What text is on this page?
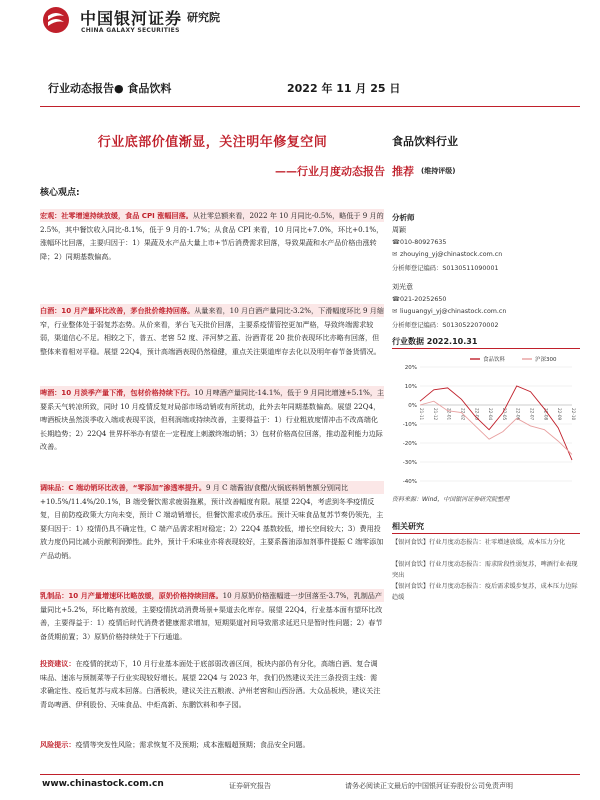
中国银河证券
CHINA GALAXY SECURITIES
研究院
行业动态报告● 食品饮料	2022 年 11 月 25 日
行业底部价值渐显，关注明年修复空间
——行业月度动态报告
核心观点:
宏观：社零增速持续放缓，食品 CPI 涨幅回落。从社零总额来看，2022 年 10 月同比-0.5%，略低于 9 月的 2.5%，其中餐饮收入同比-8.1%，低于 9 月的-1.7%；从食品 CPI 来看，10 月同比+7.0%，环比+0.1%，涨幅环比回落，主要归因于：1）果蔬及水产品大量上市+节后消费需求回落，导致果蔬和水产品价格由涨转降；2）同期基数偏高。
白酒：10 月产量环比改善，茅台批价维持回落。从量来看，10 月白酒产量同比-3.2%，下滑幅度环比 9 月缩窄，行业整体处于弱复苏态势。从价来看，茅台飞天批价回落，主要系疫情管控更加严格，导致终端需求较弱，渠道信心不足。相较之下，普五、老窖 52 度、洋河梦之蓝、汾酒青花 20 批价表现环比亦略有回落，但整体来看相对平稳。展望 22Q4，预计高端酒表现仍然稳健，重点关注渠道库存去化以及明年春节备货情况。
啤酒：10 月淡季产量下滑，包材价格持续下行。10 月啤酒产量同比-14.1%，低于 9 月同比增速+5.1%，主要系天气转凉所致，同时 10 月疫情反复对局部市场动销或有所扰动，此外去年同期基数偏高。展望 22Q4，啤酒板块虽然淡季收入端或表现平淡，但利润端或持续改善，主要得益于：1）行业粗放度情冲击不改高端化长期趋势；2）22Q4 世界杯举办有望在一定程度上刺激终端动销；3）包材价格高位回落，推动盈利能力边际改善。
调味品：C 端动销环比改善，“零添加”渗透率提升。9 月 C 端酱油/食醋/火锅底料销售额分别同比+10.5%/11.4%/20.1%，B 端受餐饮需求疲弱拖累，预计改善幅度有限。展望 22Q4，考虑到冬季疫情反复，目前防疫政策大方向未变，预计 C 端动销增长，但餐饮需求或仍承压。预计天味食品复苏节奏仍领先，主要归因于：1）疫情仍具不确定性，C 端产品需求相对稳定；2）22Q4 基数较低，增长空间较大；3）费用投放力度仍同比减小贡献利润弹性。此外，预计千禾味业亦将表现较好，主要系酱油添加剂事件提振 C 端零添加产品动销。
乳制品：10 月产量增速环比略放缓，原奶价格持续回落。10 月原奶价格涨幅进一步回落至-3.7%，乳制品产量同比+5.2%，环比略有放缓，主要疫情扰动消费场景+渠道去化库存。展望 22Q4，行业基本面有望环比改善，主要得益于：1）疫情后时代消费者健康需求增加，短期渠道衬间导致需求延迟只是暂时性问题；2）春节备货期前置；3）原奶价格持续处于下行通道。
投资建议：在疫情的扰动下，10 月行业基本面处于底部弱改善区间，板块内部仍有分化，高端白酒、复合调味品、速冻与预制菜等子行业实现较好增长。展望 22Q4 与 2023 年，我们仍然建议关注三条投资主线：需求确定性、疫后复苏与成本回落。白酒板块，建议关注五粮液、泸州老窖和山西汾酒。大众品板块，建议关注青岛啤酒、伊利股份、天味食品、中炬高新、东鹏饮料和李子园。
风险提示：疫情等突发性风险；需求恢复不及预期；成本涨幅超预期；食品安全问题。
食品饮料行业
推荐 (维持评级)
分析师
周颖
☎010-80927635
✉ zhouying_yj@chinastock.com.cn
分析师登记编码：S0130511090001
刘光意
☎021-20252650
✉ liuguangyi_yj@chinastock.com.cn
分析师登记编码：S0130522070002
行业数据 2022.10.31
20%
10%
0%
-10%
-20%
-30%
-40%
21-11 21-12 22-01 22-02 22-03 22-04 22-05 22-06 22-07 22-08 22-09 22-10
食品饮料	沪深300
资料来源：Wind，中国银河证券研究院整理
相关研究
【银河食饮】行业月度动态报告：社零增速放缓，成本压力分化
【银河食饮】行业月度动态报告：需求阶段性弱复苏，啤酒行业表现突出
【银河食饮】行业月度动态报告：疫后需求缓步复苏，成本压力边际趋缓
www.chinastock.com.cn	证券研究报告	请务必阅读正文最后的中国银河证券股份公司免责声明
